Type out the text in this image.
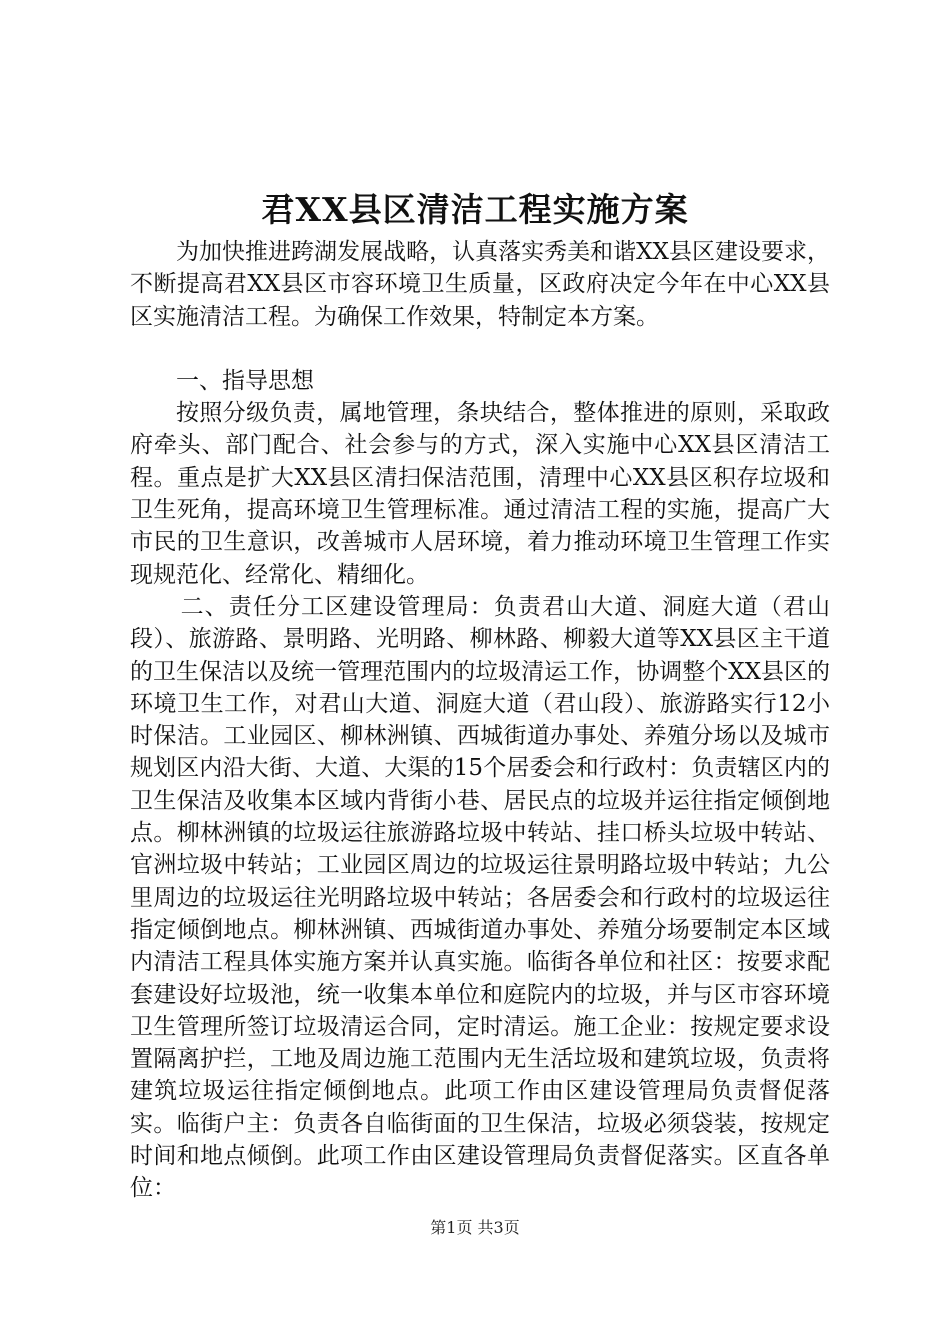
君XX县区清洁工程实施方案

为加快推进跨湖发展战略，认真落实秀美和谐XX县区建设要求，不断提高君XX县区市容环境卫生质量，区政府决定今年在中心XX县区实施清洁工程。为确保工作效果，特制定本方案。

一、指导思想

按照分级负责，属地管理，条块结合，整体推进的原则，采取政府牵头、部门配合、社会参与的方式，深入实施中心XX县区清洁工程。重点是扩大XX县区清扫保洁范围，清理中心XX县区积存垃圾和卫生死角，提高环境卫生管理标准。通过清洁工程的实施，提高广大市民的卫生意识，改善城市人居环境，着力推动环境卫生管理工作实现规范化、经常化、精细化。

二、责任分工区建设管理局：负责君山大道、洞庭大道（君山段）、旅游路、景明路、光明路、柳林路、柳毅大道等XX县区主干道的卫生保洁以及统一管理范围内的垃圾清运工作，协调整个XX县区的环境卫生工作，对君山大道、洞庭大道（君山段）、旅游路实行12小时保洁。工业园区、柳林洲镇、西城街道办事处、养殖分场以及城市规划区内沿大街、大道、大渠的15个居委会和行政村：负责辖区内的卫生保洁及收集本区域内背街小巷、居民点的垃圾并运往指定倾倒地点。柳林洲镇的垃圾运往旅游路垃圾中转站、挂口桥头垃圾中转站、官洲垃圾中转站；工业园区周边的垃圾运往景明路垃圾中转站；九公里周边的垃圾运往光明路垃圾中转站；各居委会和行政村的垃圾运往指定倾倒地点。柳林洲镇、西城街道办事处、养殖分场要制定本区域内清洁工程具体实施方案并认真实施。临街各单位和社区：按要求配套建设好垃圾池，统一收集本单位和庭院内的垃圾，并与区市容环境卫生管理所签订垃圾清运合同，定时清运。施工企业：按规定要求设置隔离护拦，工地及周边施工范围内无生活垃圾和建筑垃圾，负责将建筑垃圾运往指定倾倒地点。此项工作由区建设管理局负责督促落实。临街户主：负责各自临街面的卫生保洁，垃圾必须袋装，按规定时间和地点倾倒。此项工作由区建设管理局负责督促落实。区直各单位：

第1页 共3页
